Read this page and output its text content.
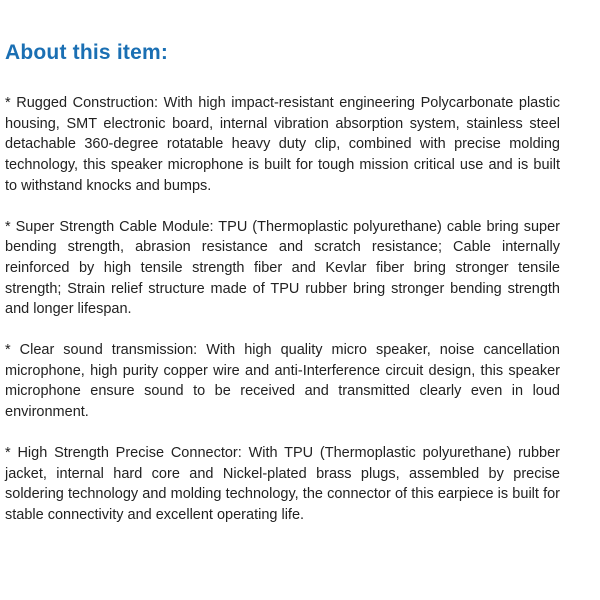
About this item:

* Rugged Construction: With high impact-resistant engineering Polycarbonate plastic housing, SMT electronic board, internal vibration absorption system, stainless steel detachable 360-degree rotatable heavy duty clip, combined with precise molding technology, this speaker microphone is built for tough mission critical use and is built to withstand knocks and bumps.

* Super Strength Cable Module: TPU (Thermoplastic polyurethane) cable bring super bending strength, abrasion resistance and scratch resistance; Cable internally reinforced by high tensile strength fiber and Kevlar fiber bring stronger tensile strength; Strain relief structure made of TPU rubber bring stronger bending strength and longer lifespan.

* Clear sound transmission: With high quality micro speaker, noise cancellation microphone, high purity copper wire and anti-Interference circuit design, this speaker microphone ensure sound to be received and transmitted clearly even in loud environment.

* High Strength Precise Connector: With TPU (Thermoplastic polyurethane) rubber jacket, internal hard core and Nickel-plated brass plugs, assembled by precise soldering technology and molding technology, the connector of this earpiece is built for stable connectivity and excellent operating life.
